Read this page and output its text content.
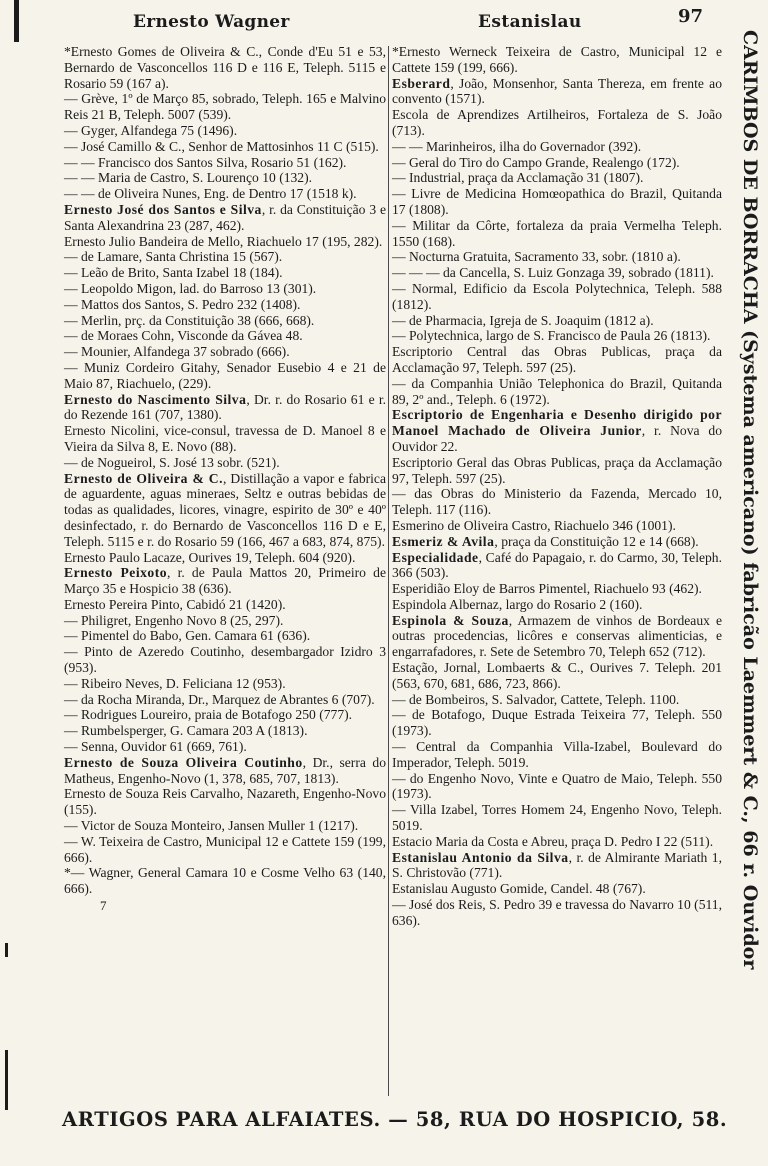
Ernesto Wagner	Estanislau	97

*Ernesto Gomes de Oliveira & C., Conde d'Eu 51 e 53, Bernardo de Vasconcellos 116 D e 116 E, Teleph. 5115 e Rosario 59 (167 a).

— Grève, 1º de Março 85, sobrado, Teleph. 165 e Malvino Reis 21 B, Teleph. 5007 (539).

— Gyger, Alfandega 75 (1496).

— José Camillo & C., Senhor de Mattosinhos 11 C (515).

— — Francisco dos Santos Silva, Rosario 51 (162).

— — Maria de Castro, S. Lourenço 10 (132).

— — de Oliveira Nunes, Eng. de Dentro 17 (1518 k).

Ernesto José dos Santos e Silva, r. da Constituição 3 e Santa Alexandrina 23 (287, 462).

Ernesto Julio Bandeira de Mello, Riachuelo 17 (195, 282).

— de Lamare, Santa Christina 15 (567).

— Leão de Brito, Santa Izabel 18 (184).

— Leopoldo Migon, lad. do Barroso 13 (301).

— Mattos dos Santos, S. Pedro 232 (1408).

— Merlin, prç. da Constituição 38 (666, 668).

— de Moraes Cohn, Visconde da Gávea 48.

— Mounier, Alfandega 37 sobrado (666).

— Muniz Cordeiro Gitahy, Senador Eusebio 4 e 21 de Maio 87, Riachuelo, (229).

Ernesto do Nascimento Silva, Dr. r. do Rosario 61 e r. do Rezende 161 (707, 1380).

Ernesto Nicolini, vice-consul, travessa de D. Manoel 8 e Vieira da Silva 8, E. Novo (88).

— de Nogueirol, S. José 13 sobr. (521).

Ernesto de Oliveira & C., Distillação a vapor e fabrica de aguardente, aguas mineraes, Seltz e outras bebidas de todas as qualidades, licores, vinagre, espirito de 30º e 40º desinfectado, r. do Bernardo de Vasconcellos 116 D e E, Teleph. 5115 e r. do Rosario 59 (166, 467 a 683, 874, 875).

Ernesto Paulo Lacaze, Ourives 19, Teleph. 604 (920).

Ernesto Peixoto, r. de Paula Mattos 20, Primeiro de Março 35 e Hospicio 38 (636).

Ernesto Pereira Pinto, Cabidó 21 (1420).

— Philigret, Engenho Novo 8 (25, 297).

— Pimentel do Babo, Gen. Camara 61 (636).

— Pinto de Azeredo Coutinho, desembargador Izidro 3 (953).

— Ribeiro Neves, D. Feliciana 12 (953).

— da Rocha Miranda, Dr., Marquez de Abrantes 6 (707).

— Rodrigues Loureiro, praia de Botafogo 250 (777).

— Rumbelsperger, G. Camara 203 A (1813).

— Senna, Ouvidor 61 (669, 761).

Ernesto de Souza Oliveira Coutinho, Dr., serra do Matheus, Engenho-Novo (1, 378, 685, 707, 1813).

Ernesto de Souza Reis Carvalho, Nazareth, Engenho-Novo (155).

— Victor de Souza Monteiro, Jansen Muller 1 (1217).

— W. Teixeira de Castro, Municipal 12 e Cattete 159 (199, 666).

*— Wagner, General Camara 10 e Cosme Velho 63 (140, 666).

7

*Ernesto Werneck Teixeira de Castro, Municipal 12 e Cattete 159 (199, 666).

Esberard, João, Monsenhor, Santa Thereza, em frente ao convento (1571).

Escola de Aprendizes Artilheiros, Fortaleza de S. João (713).

— — Marinheiros, ilha do Governador (392).

— Geral do Tiro do Campo Grande, Realengo (172).

— Industrial, praça da Acclamação 31 (1807).

— Livre de Medicina Homœopathica do Brazil, Quitanda 17 (1808).

— Militar da Côrte, fortaleza da praia Vermelha Teleph. 1550 (168).

— Nocturna Gratuita, Sacramento 33, sobr. (1810 a).

— — — da Cancella, S. Luiz Gonzaga 39, sobrado (1811).

— Normal, Edificio da Escola Polytechnica, Teleph. 588 (1812).

— de Pharmacia, Igreja de S. Joaquim (1812 a).

— Polytechnica, largo de S. Francisco de Paula 26 (1813).

Escriptorio Central das Obras Publicas, praça da Acclamação 97, Teleph. 597 (25).

— da Companhia União Telephonica do Brazil, Quitanda 89, 2º and., Teleph. 6 (1972).

Escriptorio de Engenharia e Desenho dirigido por Manoel Machado de Oliveira Junior, r. Nova do Ouvidor 22.

Escriptorio Geral das Obras Publicas, praça da Acclamação 97, Teleph. 597 (25).

— das Obras do Ministerio da Fazenda, Mercado 10, Teleph. 117 (116).

Esmerino de Oliveira Castro, Riachuelo 346 (1001).

Esmeriz & Avila, praça da Constituição 12 e 14 (668).

Especialidade, Café do Papagaio, r. do Carmo, 30, Teleph. 366 (503).

Esperidião Eloy de Barros Pimentel, Riachuelo 93 (462).

Espindola Albernaz, largo do Rosario 2 (160).

Espinola & Souza, Armazem de vinhos de Bordeaux e outras procedencias, licôres e conservas alimenticias, e engarrafadores, r. Sete de Setembro 70, Teleph 652 (712).

Estação, Jornal, Lombaerts & C., Ourives 7. Teleph. 201 (563, 670, 681, 686, 723, 866).

— de Bombeiros, S. Salvador, Cattete, Teleph. 1100.

— de Botafogo, Duque Estrada Teixeira 77, Teleph. 550 (1973).

— Central da Companhia Villa-Izabel, Boulevard do Imperador, Teleph. 5019.

— do Engenho Novo, Vinte e Quatro de Maio, Teleph. 550 (1973).

— Villa Izabel, Torres Homem 24, Engenho Novo, Teleph. 5019.

Estacio Maria da Costa e Abreu, praça D. Pedro I 22 (511).

Estanislau Antonio da Silva, r. de Almirante Mariath 1, S. Christovão (771).

Estanislau Augusto Gomide, Candel. 48 (767).

— José dos Reis, S. Pedro 39 e travessa do Navarro 10 (511, 636).	CARIMBOS DE BORRACHA (Systema americano) fabricão Laemmert & C., 66 r. Ouvidor
ARTIGOS PARA ALFAIATES. — 58, RUA DO HOSPICIO, 58.
